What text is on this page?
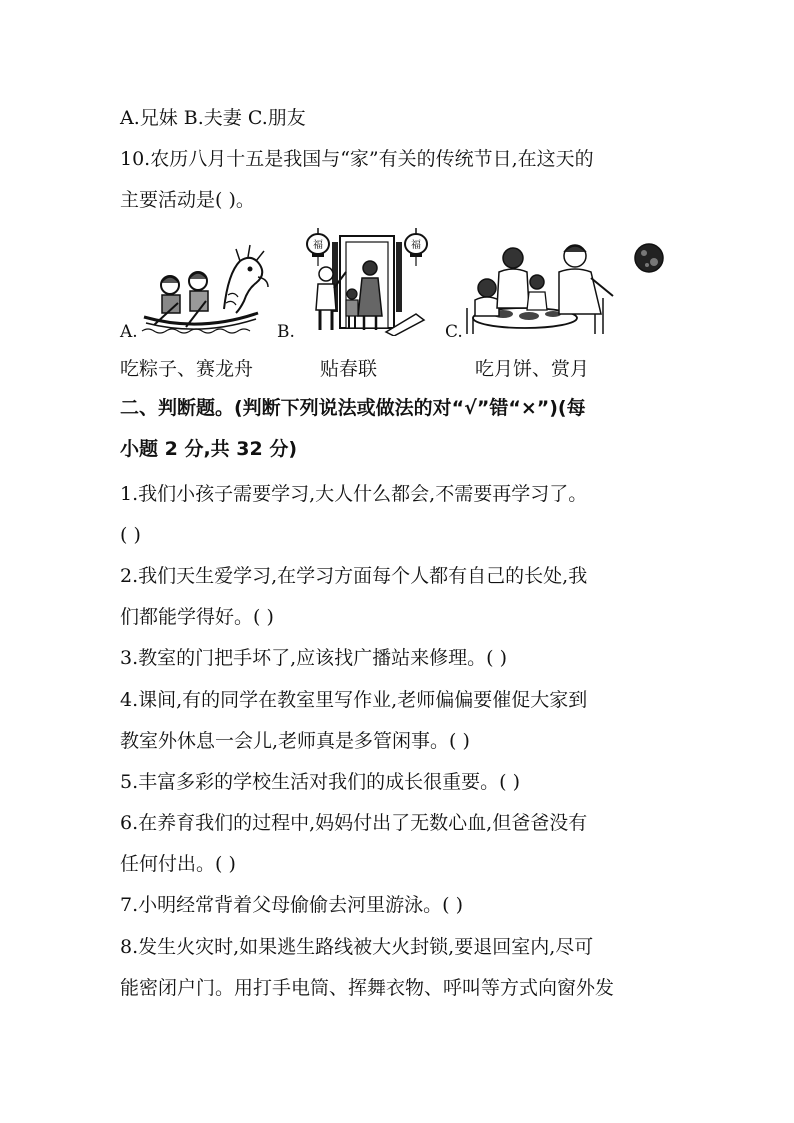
A.兄妹 B.夫妻 C.朋友
10.农历八月十五是我国与“家”有关的传统节日,在这天的
主要活动是( )。
A.
吃粽子、赛龙舟
B.
福	福
贴春联
C.
吃月饼、赏月
二、判断题。(判断下列说法或做法的对“√”错“×”)(每
小题 2 分,共 32 分)
1.我们小孩子需要学习,大人什么都会,不需要再学习了。
( )
2.我们天生爱学习,在学习方面每个人都有自己的长处,我
们都能学得好。( )
3.教室的门把手坏了,应该找广播站来修理。( )
4.课间,有的同学在教室里写作业,老师偏偏要催促大家到
教室外休息一会儿,老师真是多管闲事。( )
5.丰富多彩的学校生活对我们的成长很重要。( )
6.在养育我们的过程中,妈妈付出了无数心血,但爸爸没有
任何付出。( )
7.小明经常背着父母偷偷去河里游泳。( )
8.发生火灾时,如果逃生路线被大火封锁,要退回室内,尽可
能密闭户门。用打手电筒、挥舞衣物、呼叫等方式向窗外发
